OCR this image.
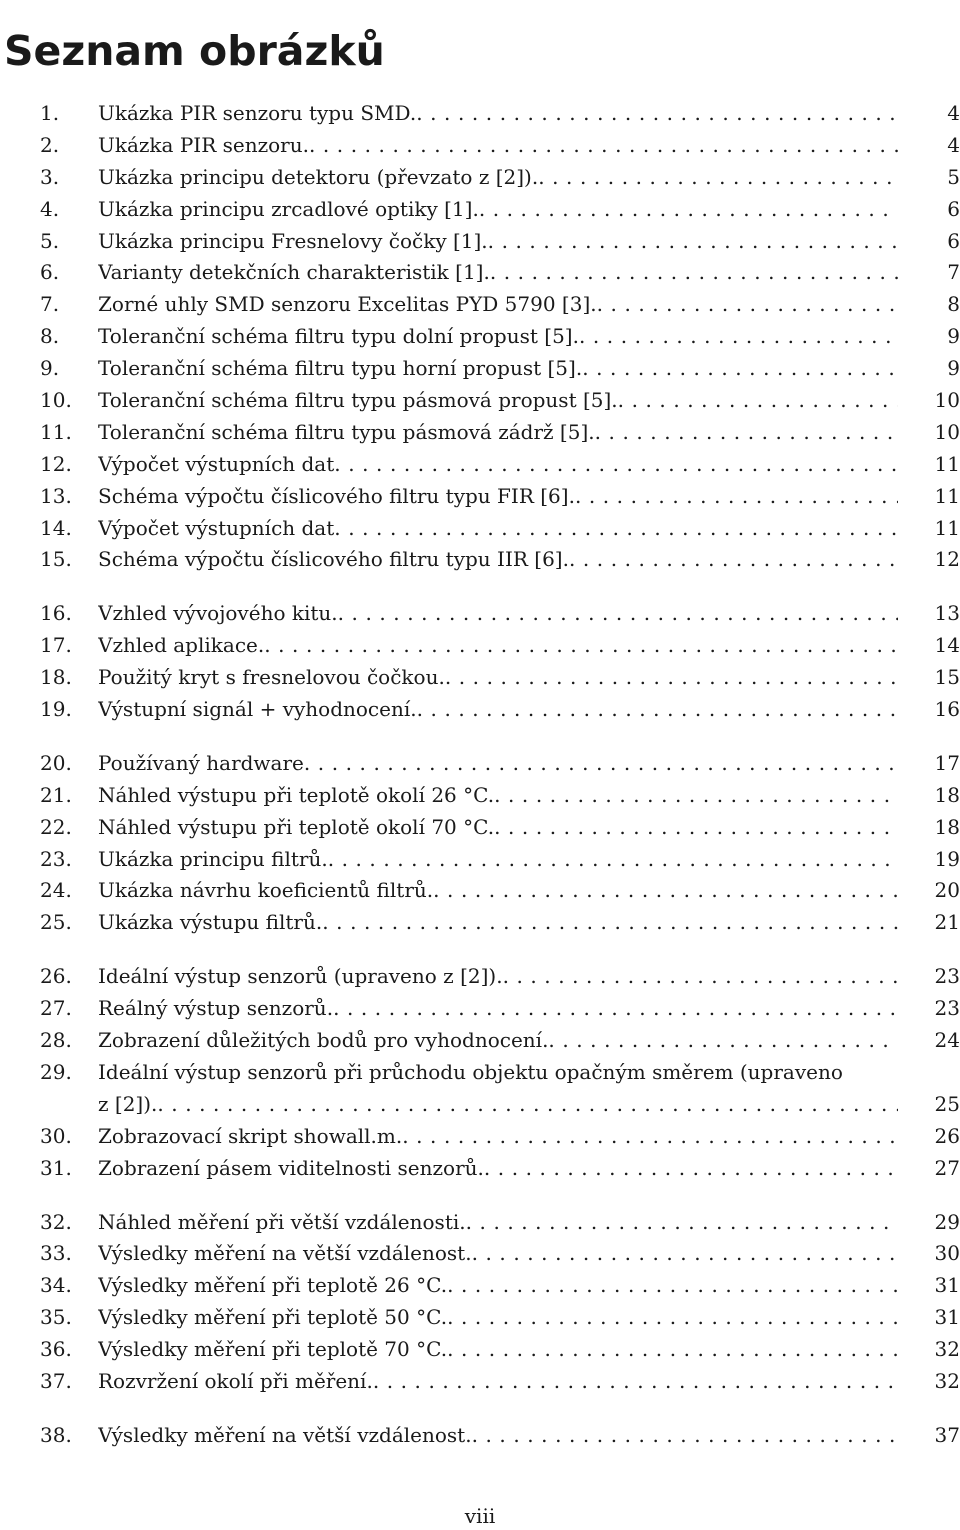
Seznam obrázků
1. Ukázka PIR senzoru typu SMD. . . .	4
2. Ukázka PIR senzoru. . . .	4
3. Ukázka principu detektoru (převzato z [2]). . . .	5
4. Ukázka principu zrcadlové optiky [1]. . . .	6
5. Ukázka principu Fresnelovy čočky [1]. . . .	6
6. Varianty detekčních charakteristik [1]. . . .	7
7. Zorné uhly SMD senzoru Excelitas PYD 5790 [3]. . . .	8
8. Toleranční schéma filtru typu dolní propust [5]. . . .	9
9. Toleranční schéma filtru typu horní propust [5]. . . .	9
10. Toleranční schéma filtru typu pásmová propust [5]. . . .	10
11. Toleranční schéma filtru typu pásmová zádrž [5]. . . .	10
12. Výpočet výstupních dat . . .	11
13. Schéma výpočtu číslicového filtru typu FIR [6]. . . .	11
14. Výpočet výstupních dat . . .	11
15. Schéma výpočtu číslicového filtru typu IIR [6]. . . .	12
16. Vzhled vývojového kitu. . . .	13
17. Vzhled aplikace. . . .	14
18. Použitý kryt s fresnelovou čočkou. . . .	15
19. Výstupní signál + vyhodnocení. . . .	16
20. Používaný hardware . . .	17
21. Náhled výstupu při teplotě okolí 26 °C. . . .	18
22. Náhled výstupu při teplotě okolí 70 °C. . . .	18
23. Ukázka principu filtrů. . . .	19
24. Ukázka návrhu koeficientů filtrů. . . .	20
25. Ukázka výstupu filtrů. . . .	21
26. Ideální výstup senzorů (upraveno z [2]). . . .	23
27. Reálný výstup senzorů. . . .	23
28. Zobrazení důležitých bodů pro vyhodnocení. . . .	24
29. Ideální výstup senzorů při průchodu objektu opačným směrem (upraveno
z [2]). . . .	25
30. Zobrazovací skript showall.m. . . .	26
31. Zobrazení pásem viditelnosti senzorů. . . .	27
32. Náhled měření při větší vzdálenosti. . . .	29
33. Výsledky měření na větší vzdálenost. . . .	30
34. Výsledky měření při teplotě 26 °C. . . .	31
35. Výsledky měření při teplotě 50 °C. . . .	31
36. Výsledky měření při teplotě 70 °C. . . .	32
37. Rozvržení okolí při měření. . . .	32
38. Výsledky měření na větší vzdálenost. . . .	37
viii
